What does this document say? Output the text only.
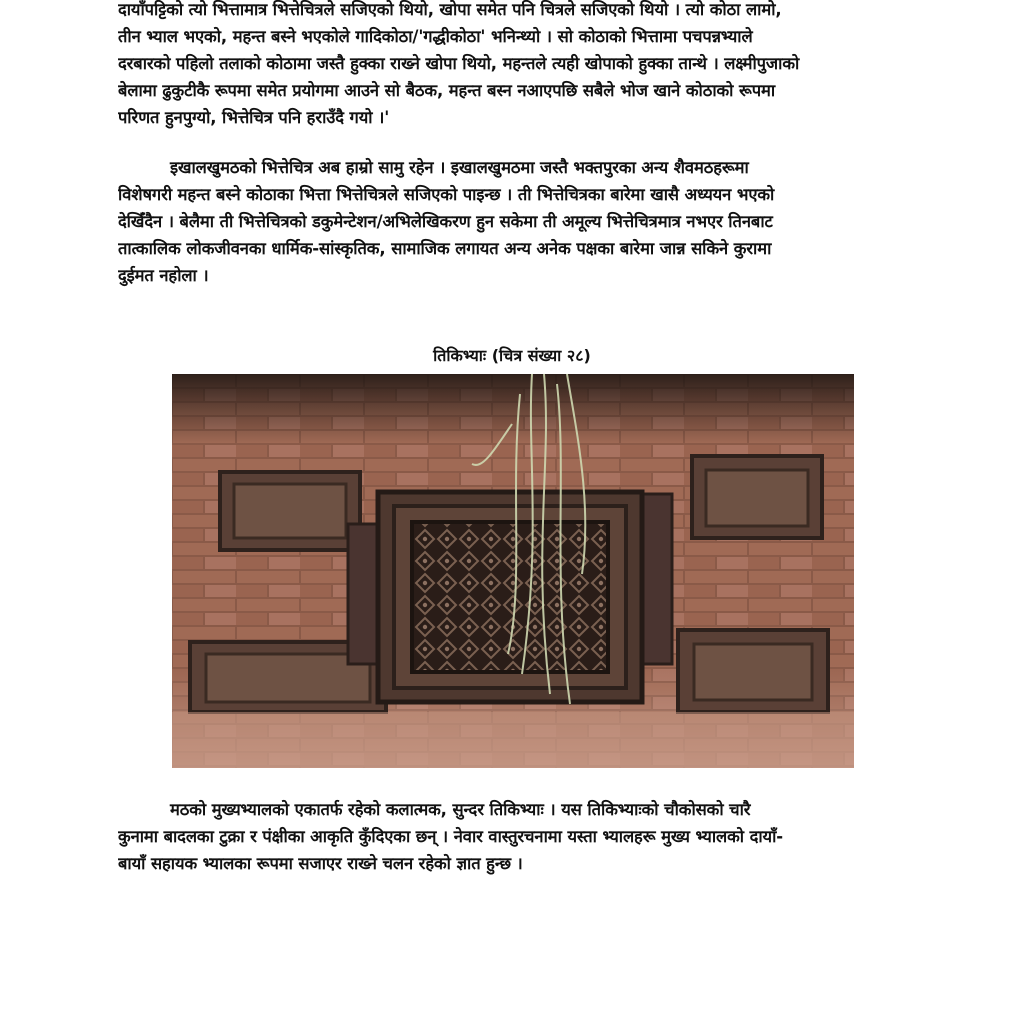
दायाँपट्टिको त्यो भित्तामात्र भित्तेचित्रले सजिएको थियो, खोपा समेत पनि चित्रले सजिएको थियो । त्यो कोठा लामो,
तीन भ्याल भएको, महन्त बस्ने भएकोले गादिकोठा/'गद्धीकोठा' भनिन्थ्यो । सो कोठाको भित्तामा पचपन्नभ्याले
दरबारको पहिलो तलाको कोठामा जस्तै हुक्का राख्ने खोपा थियो, महन्तले त्यही खोपाको हुक्का तान्थे । लक्ष्मीपुजाको
बेलामा ढुकुटीकै रूपमा समेत प्रयोगमा आउने सो बैठक, महन्त बस्न नआएपछि सबैले भोज खाने कोठाको रूपमा
परिणत हुनपुग्यो, भित्तेचित्र पनि हराउँदै गयो ।'
इखालखुमठको भित्तेचित्र अब हाम्रो सामु रहेन । इखालखुमठमा जस्तै भक्तपुरका अन्य शैवमठहरूमा
विशेषगरी महन्त बस्ने कोठाका भित्ता भित्तेचित्रले सजिएको पाइन्छ । ती भित्तेचित्रका बारेमा खासै अध्ययन भएको
देखिँदैन । बेलैमा ती भित्तेचित्रको डकुमेन्टेशन/अभिलेखिकरण हुन सकेमा ती अमूल्य भित्तेचित्रमात्र नभएर तिनबाट
तात्कालिक लोकजीवनका धार्मिक-सांस्कृतिक, सामाजिक लगायत अन्य अनेक पक्षका बारेमा जान्न सकिने कुरामा
दुईमत नहोला ।
तिकिभ्याः (चित्र संख्या २८)
मठको मुख्यभ्यालको एकातर्फ रहेको कलात्मक, सुन्दर तिकिभ्याः । यस तिकिभ्याःको चौकोसको चारै
कुनामा बादलका टुक्रा र पंक्षीका आकृति कुँदिएका छन् । नेवार वास्तुरचनामा यस्ता भ्यालहरू मुख्य भ्यालको दायाँ-
बायाँ सहायक भ्यालका रूपमा सजाएर राख्ने चलन रहेको ज्ञात हुन्छ ।
